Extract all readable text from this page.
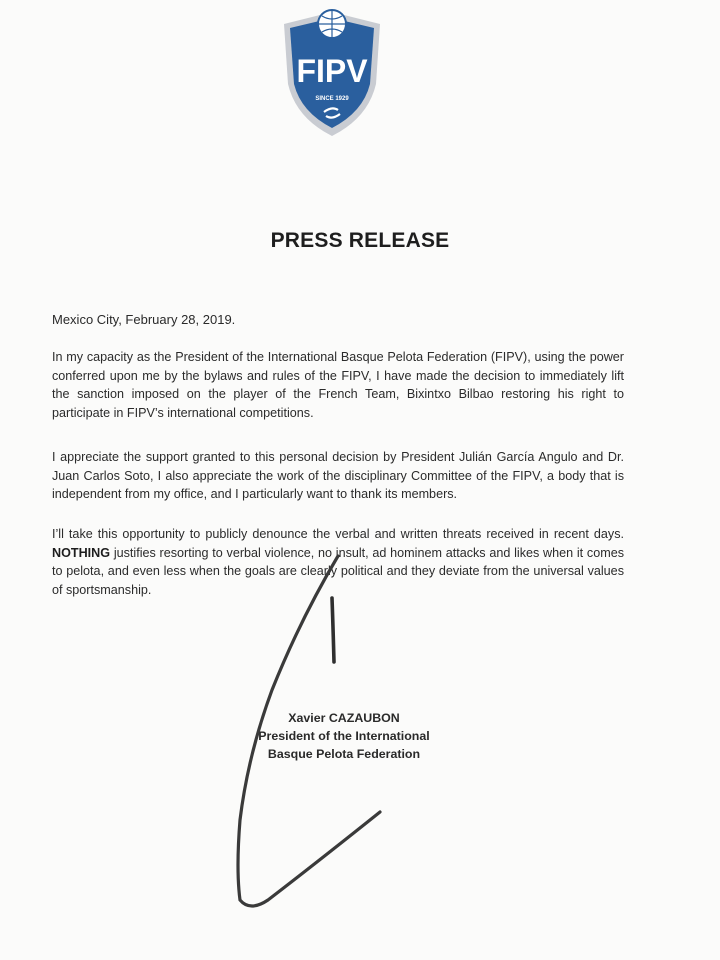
FIPV
SINCE 1929
PRESS RELEASE
Mexico City, February 28, 2019.
In my capacity as the President of the International Basque Pelota Federation (FIPV), using the power conferred upon me by the bylaws and rules of the FIPV, I have made the decision to immediately lift the sanction imposed on the player of the French Team, Bixintxo Bilbao restoring his right to participate in FIPV’s international competitions.
I appreciate the support granted to this personal decision by President Julián García Angulo and Dr. Juan Carlos Soto, I also appreciate the work of the disciplinary Committee of the FIPV, a body that is independent from my office, and I particularly want to thank its members.
I’ll take this opportunity to publicly denounce the verbal and written threats received in recent days. NOTHING justifies resorting to verbal violence, no insult, ad hominem attacks and likes when it comes to pelota, and even less when the goals are clearly political and they deviate from the universal values of sportsmanship.
Xavier CAZAUBON
President of the International
Basque Pelota Federation
